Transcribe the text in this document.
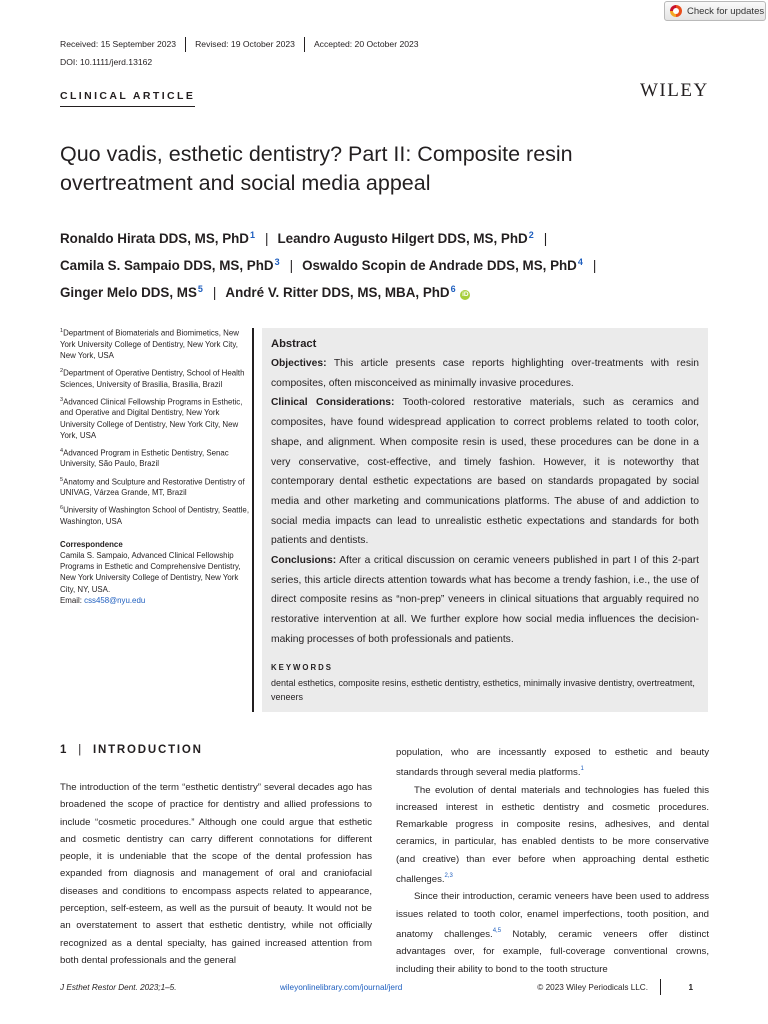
Check for updates
Received: 15 September 2023	Revised: 19 October 2023	Accepted: 20 October 2023
DOI: 10.1111/jerd.13162
CLINICAL ARTICLE	WILEY
Quo vadis, esthetic dentistry? Part II: Composite resin overtreatment and social media appeal
Ronaldo Hirata DDS, MS, PhD$^1$ | Leandro Augusto Hilgert DDS, MS, PhD$^2$ |
Camila S. Sampaio DDS, MS, PhD$^3$ | Oswaldo Scopin de Andrade DDS, MS, PhD$^4$ |
Ginger Melo DDS, $MS^5$ | André V. Ritter DDS, MS, MBA, PhD$^6$ iD

$^1$Department of Biomaterials and Biomimetics, New York University College of Dentistry, New York City, New York, USA

$^2$Department of Operative Dentistry, School of Health Sciences, University of Brasilia, Brasilia, Brazil

$^3$Advanced Clinical Fellowship Programs in Esthetic, and Operative and Digital Dentistry, New York University College of Dentistry, New York City, New York, USA

$^4$Advanced Program in Esthetic Dentistry, Senac University, São Paulo, Brazil

$^5$Anatomy and Sculpture and Restorative Dentistry of UNIVAG, Várzea Grande, MT, Brazil

$^6$University of Washington School of Dentistry, Seattle, Washington, USA

Correspondence

Camila S. Sampaio, Advanced Clinical Fellowship Programs in Esthetic and Comprehensive Dentistry, New York University College of Dentistry, New York City, NY, USA.
Email: css458@nyu.edu

Abstract

Objectives: This article presents case reports highlighting over-treatments with resin composites, often misconceived as minimally invasive procedures.

Clinical Considerations: Tooth-colored restorative materials, such as ceramics and composites, have found widespread application to correct problems related to tooth color, shape, and alignment. When composite resin is used, these procedures can be done in a very conservative, cost-effective, and timely fashion. However, it is noteworthy that contemporary dental esthetic expectations are based on standards propagated by social media and other marketing and communications platforms. The abuse of and addiction to social media impacts can lead to unrealistic esthetic expectations and standards for both patients and dentists.

Conclusions: After a critical discussion on ceramic veneers published in part I of this 2-part series, this article directs attention towards what has become a trendy fashion, i.e., the use of direct composite resins as “non-prep” veneers in clinical situations that arguably required no restorative intervention at all. We further explore how social media influences the decision-making processes of both professionals and patients.

KEYWORDS
dental esthetics, composite resins, esthetic dentistry, esthetics, minimally invasive dentistry, overtreatment, veneers
1 | INTRODUCTION

The introduction of the term “esthetic dentistry” several decades ago has broadened the scope of practice for dentistry and allied professions to include “cosmetic procedures.” Although one could argue that esthetic and cosmetic dentistry can carry different connotations for different people, it is undeniable that the scope of the dental profession has expanded from diagnosis and management of oral and craniofacial diseases and conditions to encompass aspects related to appearance, perception, self-esteem, as well as the pursuit of beauty. It would not be an overstatement to assert that esthetic dentistry, while not officially recognized as a dental specialty, has gained increased attention from both dental professionals and the general

population, who are incessantly exposed to esthetic and beauty standards through several media platforms.$^1$

The evolution of dental materials and technologies has fueled this increased interest in esthetic dentistry and cosmetic procedures. Remarkable progress in composite resins, adhesives, and dental ceramics, in particular, has enabled dentists to be more conservative (and creative) than ever before when approaching dental esthetic challenges.$^{2,3}$

Since their introduction, ceramic veneers have been used to address issues related to tooth color, enamel imperfections, tooth position, and anatomy challenges.$^{4,5}$ Notably, ceramic veneers offer distinct advantages over, for example, full-coverage conventional crowns, including their ability to bond to the tooth structure

J Esthet Restor Dent. 2023;1–5.	wileyonlinelibrary.com/journal/jerd	© 2023 Wiley Periodicals LLC.	1
